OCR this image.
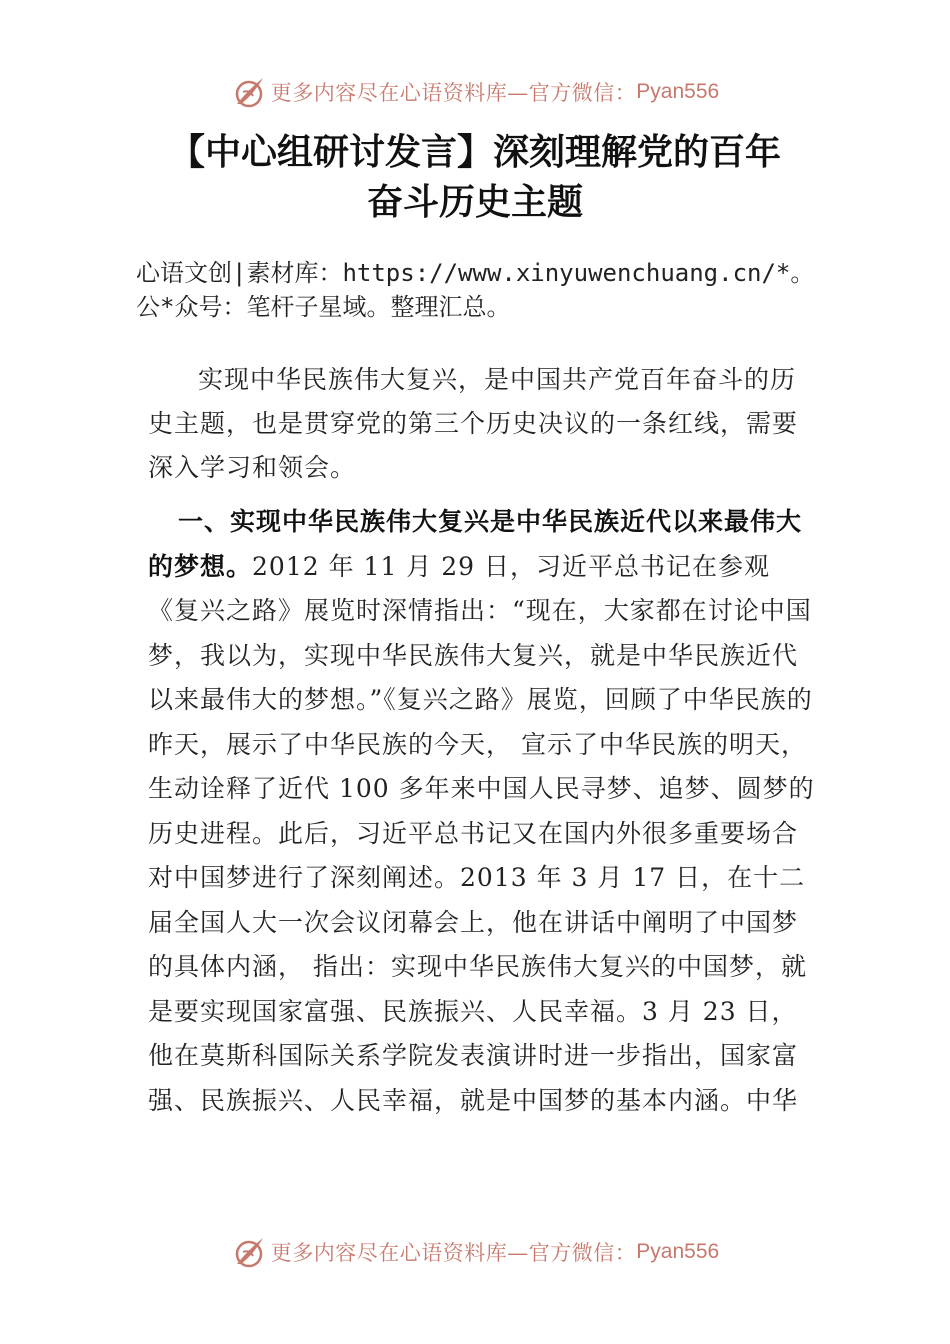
更多内容尽在心语资料库—官方微信： Pyan556
【中心组研讨发言】深刻理解党的百年
奋斗历史主题
心语文创|素材库：https://www.xinyuwenchuang.cn/*。公*众号：笔杆子星域。整理汇总。
实现中华民族伟大复兴，是中国共产党百年奋斗的历史主题，也是贯穿党的第三个历史决议的一条红线，需要深入学习和领会。
一、实现中华民族伟大复兴是中华民族近代以来最伟大的梦想。2012 年 11 月 29 日，习近平总书记在参观《复兴之路》展览时深情指出：“现在，大家都在讨论中国梦，我以为，实现中华民族伟大复兴，就是中华民族近代以来最伟大的梦想。”《复兴之路》展览，回顾了中华民族的昨天，展示了中华民族的今天， 宣示了中华民族的明天，生动诠释了近代 100 多年来中国人民寻梦、追梦、圆梦的历史进程。此后，习近平总书记又在国内外很多重要场合对中国梦进行了深刻阐述。2013 年 3 月 17 日，在十二届全国人大一次会议闭幕会上，他在讲话中阐明了中国梦的具体内涵， 指出：实现中华民族伟大复兴的中国梦，就是要实现国家富强、民族振兴、人民幸福。3 月 23 日，他在莫斯科国际关系学院发表演讲时进一步指出，国家富强、民族振兴、人民幸福，就是中国梦的基本内涵。中华
更多内容尽在心语资料库—官方微信： Pyan556
